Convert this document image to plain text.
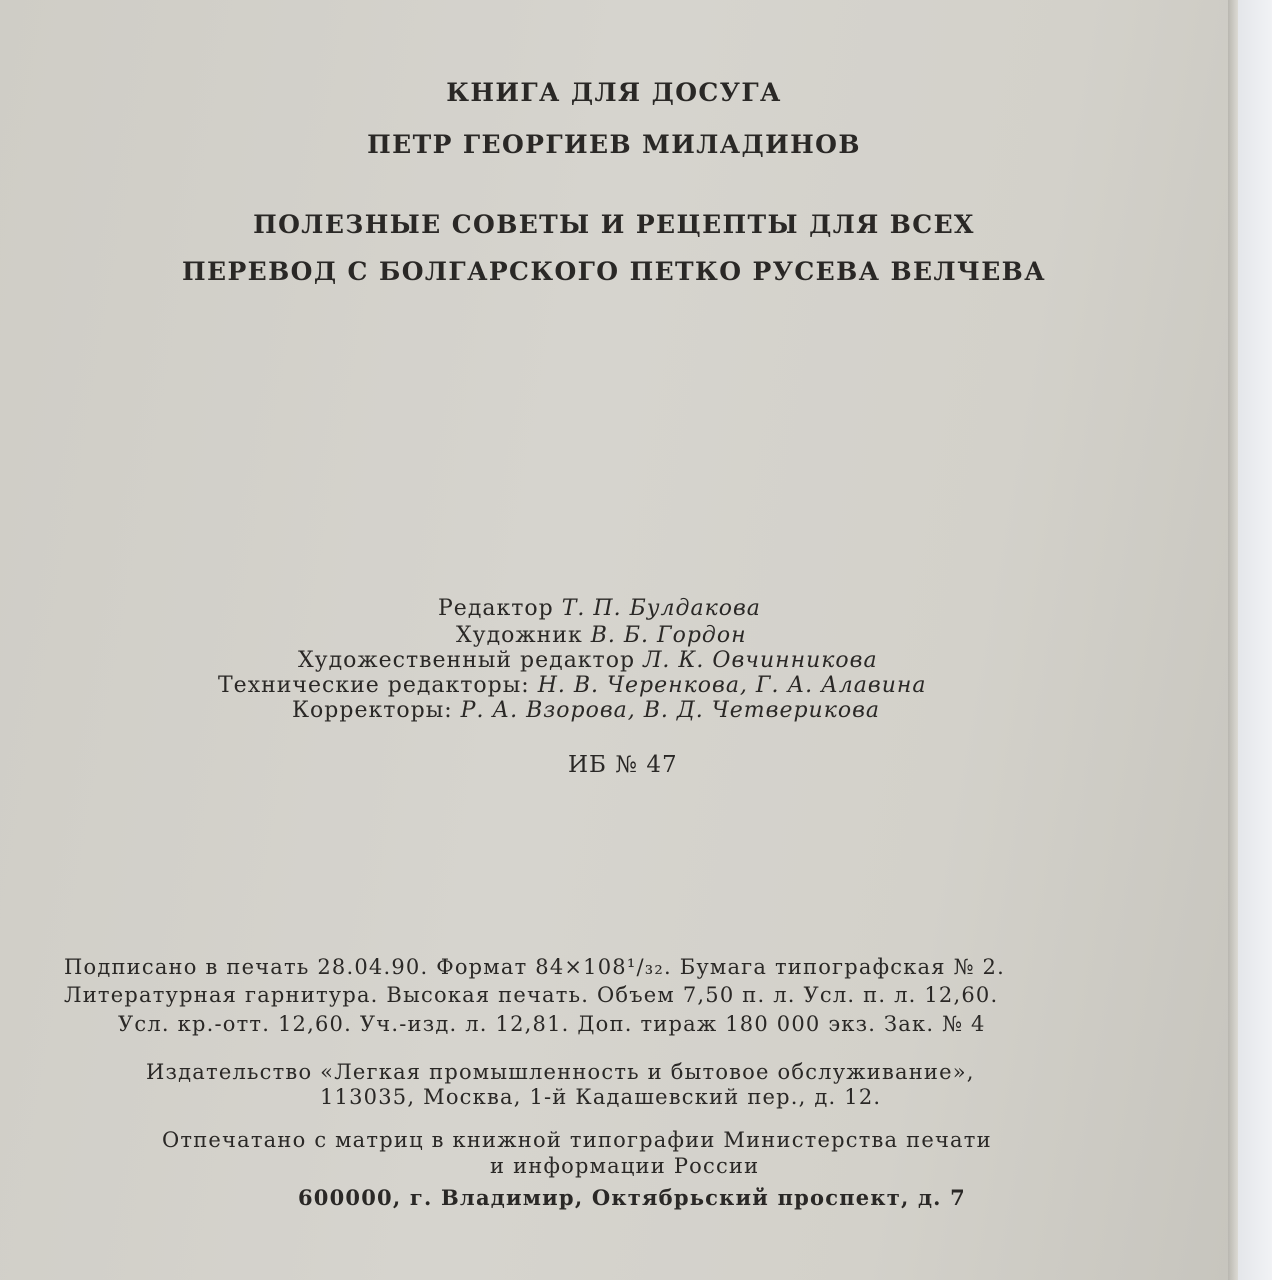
КНИГА ДЛЯ ДОСУГА

ПЕТР ГЕОРГИЕВ МИЛАДИНОВ

ПОЛЕЗНЫЕ СОВЕТЫ И РЕЦЕПТЫ ДЛЯ ВСЕХ

ПЕРЕВОД С БОЛГАРСКОГО ПЕТКО РУСЕВА ВЕЛЧЕВА

Редактор Т. П. Булдакова

Художник В. Б. Гордон

Художественный редактор Л. К. Овчинникова

Технические редакторы: Н. В. Черенкова, Г. А. Алавина

Корректоры: Р. А. Взорова, В. Д. Четверикова

ИБ № 47

Подписано в печать 28.04.90. Формат 84×108¹/₃₂. Бумага типографская № 2.

Литературная гарнитура. Высокая печать. Объем 7,50 п. л. Усл. п. л. 12,60.

Усл. кр.-отт. 12,60. Уч.-изд. л. 12,81. Доп. тираж 180 000 экз. Зак. № 4

Издательство «Легкая промышленность и бытовое обслуживание»,

113035, Москва, 1-й Кадашевский пер., д. 12.

Отпечатано с матриц в книжной типографии Министерства печати

и информации России

600000, г. Владимир, Октябрьский проспект, д. 7
